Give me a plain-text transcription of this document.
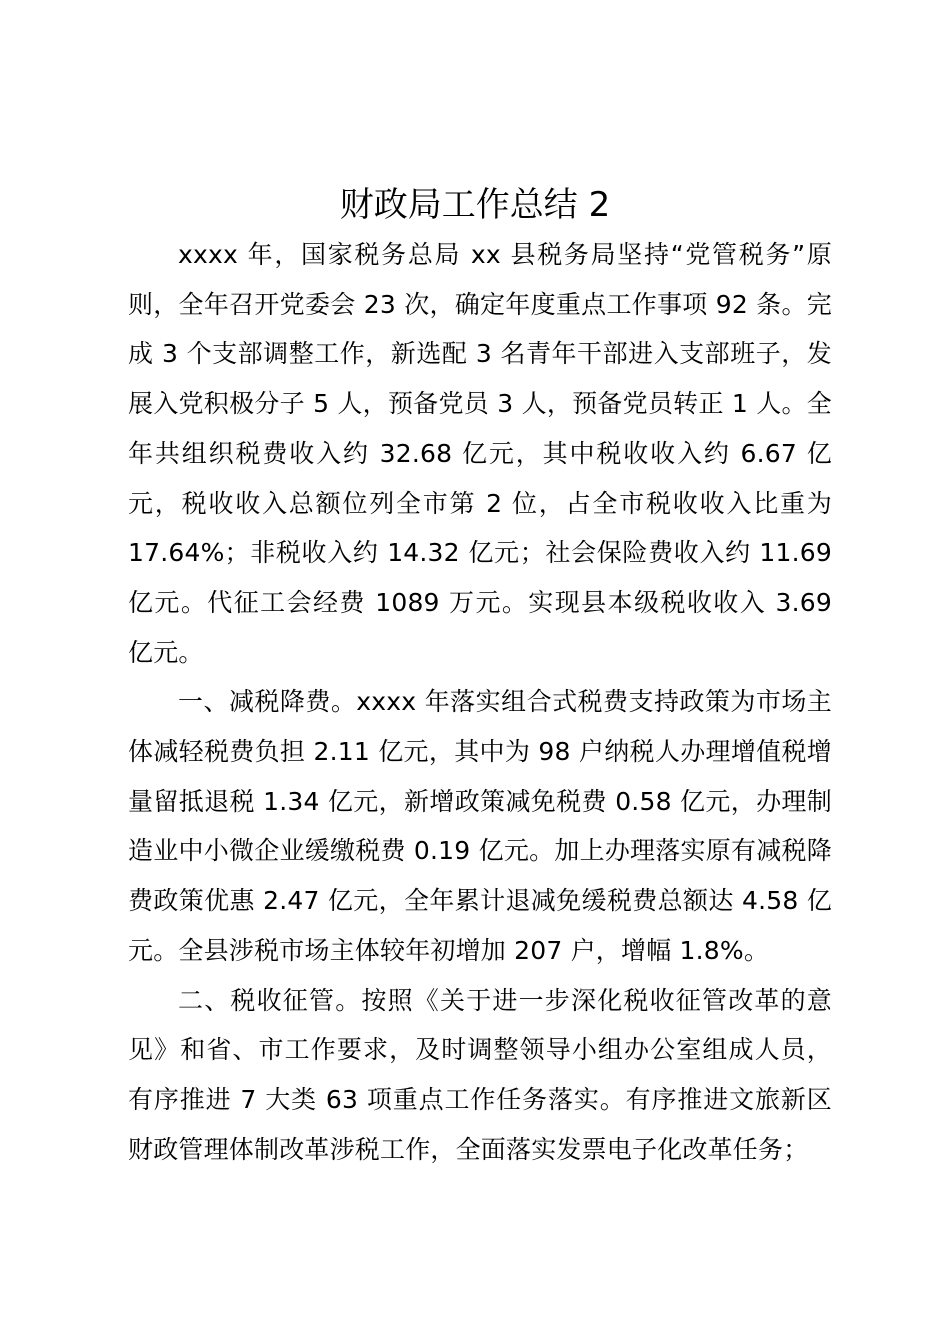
财政局工作总结 2

xxxx 年，国家税务总局 xx 县税务局坚持“党管税务”原则，全年召开党委会 23 次，确定年度重点工作事项 92 条。完成 3 个支部调整工作，新选配 3 名青年干部进入支部班子，发展入党积极分子 5 人，预备党员 3 人，预备党员转正 1 人。全年共组织税费收入约 32.68 亿元，其中税收收入约 6.67 亿元，税收收入总额位列全市第 2 位，占全市税收收入比重为 17.64%；非税收入约 14.32 亿元；社会保险费收入约 11.69 亿元。代征工会经费 1089 万元。实现县本级税收收入 3.69 亿元。

一、减税降费。xxxx 年落实组合式税费支持政策为市场主体减轻税费负担 2.11 亿元，其中为 98 户纳税人办理增值税增量留抵退税 1.34 亿元，新增政策减免税费 0.58 亿元，办理制造业中小微企业缓缴税费 0.19 亿元。加上办理落实原有减税降费政策优惠 2.47 亿元，全年累计退减免缓税费总额达 4.58 亿元。全县涉税市场主体较年初增加 207 户，增幅 1.8%。

二、税收征管。按照《关于进一步深化税收征管改革的意见》和省、市工作要求，及时调整领导小组办公室组成人员，有序推进 7 大类 63 项重点工作任务落实。有序推进文旅新区财政管理体制改革涉税工作，全面落实发票电子化改革任务；
